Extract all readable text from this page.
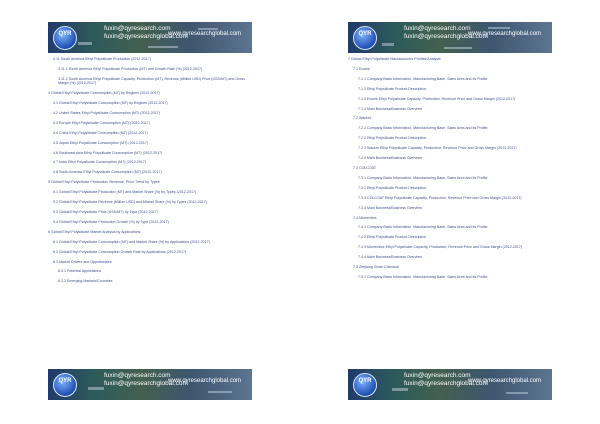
QYR
fuxin@qyresearch.com
fuxin@qyresearchglobal.com
www.qyresearchglobal.com
3.11 South America Ethyl Polysilicate Production (2012-2017)
3.11.1 South America Ethyl Polysilicate Production (MT) and Growth Rate (%) (2012-2017)
3.11.2 South America Ethyl Polysilicate Capacity, Production (MT), Revenue (Million USD) Price (USD/MT) and Gross Margin (%) (2012-2017)
4 Global Ethyl Polysilicate Consumption (MT) by Regions (2012-2017)
4.1 Global Ethyl Polysilicate Consumption (MT) by Regions (2012-2017)
4.2 United States Ethyl Polysilicate Consumption (MT) (2012-2017)
4.3 Europe Ethyl Polysilicate Consumption (MT) (2012-2017)
4.4 China Ethyl Polysilicate Consumption (MT) (2012-2017)
4.5 Japan Ethyl Polysilicate Consumption (MT) (2012-2017)
4.6 Southeast Asia Ethyl Polysilicate Consumption (MT) (2012-2017)
4.7 India Ethyl Polysilicate Consumption (MT) (2012-2017)
4.8 South America Ethyl Polysilicate Consumption (MT) (2012-2017)
5 Global Ethyl Polysilicate Production, Revenue, Price Trend by Types
5.1 Global Ethyl Polysilicate Production (MT) and Market Share (%) by Types (2012-2017)
5.2 Global Ethyl Polysilicate Revenue (Million USD) and Market Share (%) by Types (2012-2017)
5.3 Global Ethyl Polysilicate Price (USD/MT) by Type (2012-2017)
5.4 Global Ethyl Polysilicate Production Growth (%) by Type (2012-2017)
6 Global Ethyl Polysilicate Market Analysis by Applications
6.1 Global Ethyl Polysilicate Consumption (MT) and Market Share (%) by Applications (2012-2017)
6.2 Global Ethyl Polysilicate Consumption Growth Rate by Applications (2012-2017)
6.3 Market Drivers and Opportunities
6.3.1 Potential Applications
6.3.2 Emerging Markets/Countries
QYR
fuxin@qyresearch.com
fuxin@qyresearchglobal.com
www.qyresearchglobal.com
QYR
fuxin@qyresearch.com
fuxin@qyresearchglobal.com
www.qyresearchglobal.com
7 Global Ethyl Polysilicate Manufacturers Profiles/Analysis
7.1 Evonik
7.1.1 Company Basic Information, Manufacturing Base, Sales Area and Its Profile
7.1.2 Ethyl Polysilicate Product Description
7.1.3 Evonik Ethyl Polysilicate Capacity, Production, Revenue Price and Gross Margin (2012-2017)
7.1.4 Main Business/Business Overview
7.2 Wacker
7.2.1 Company Basic Information, Manufacturing Base, Sales Area and Its Profile
7.2.2 Ethyl Polysilicate Product Description
7.2.3 Wacker Ethyl Polysilicate Capacity, Production, Revenue Price and Gross Margin (2012-2017)
7.2.4 Main Business/Business Overview
7.3 COLCOAT
7.3.1 Company Basic Information, Manufacturing Base, Sales Area and Its Profile
7.3.2 Ethyl Polysilicate Product Description
7.3.3 COLCOAT Ethyl Polysilicate Capacity, Production, Revenue Price and Gross Margin (2012-2017)
7.3.4 Main Business/Business Overview
7.4 Momentive
7.4.1 Company Basic Information, Manufacturing Base, Sales Area and Its Profile
7.4.2 Ethyl Polysilicate Product Description
7.4.3 Momentive Ethyl Polysilicate Capacity, Production, Revenue Price and Gross Margin (2012-2017)
7.4.4 Main Business/Business Overview
7.5 Zhejiang Xinan Chemical
7.5.1 Company Basic Information, Manufacturing Base, Sales Area and Its Profile
QYR
fuxin@qyresearch.com
fuxin@qyresearchglobal.com
www.qyresearchglobal.com
